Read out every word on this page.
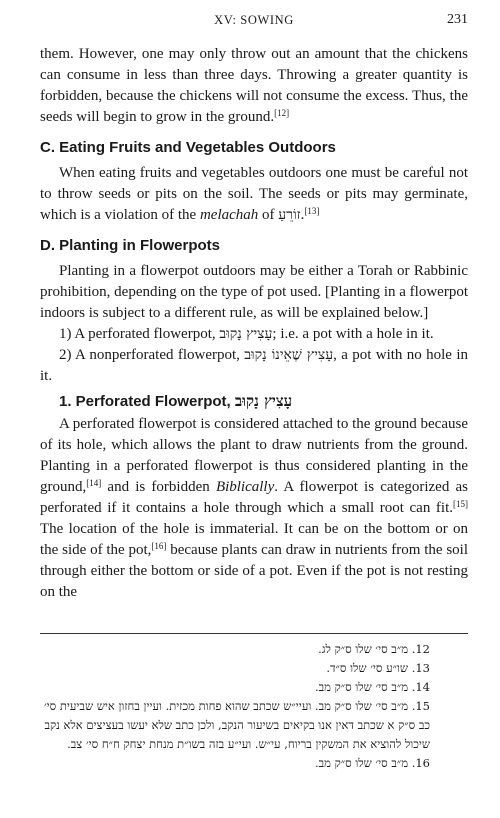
XV: SOWING	231

them. However, one may only throw out an amount that the chickens can consume in less than three days. Throwing a greater quantity is forbidden, because the chickens will not consume the excess. Thus, the seeds will begin to grow in the ground.[12]

C. Eating Fruits and Vegetables Outdoors

When eating fruits and vegetables outdoors one must be careful not to throw seeds or pits on the soil. The seeds or pits may germinate, which is a violation of the melachah of זוֹרֵעַ.[13]

D. Planting in Flowerpots

Planting in a flowerpot outdoors may be either a Torah or Rabbinic prohibition, depending on the type of pot used. [Planting in a flowerpot indoors is subject to a different rule, as will be explained below.]

1) A perforated flowerpot, עָצִיץ נָקוּב; i.e. a pot with a hole in it.

2) A nonperforated flowerpot, עָצִיץ שֶׁאֵינוֹ נָקוּב, a pot with no hole in it.

1. Perforated Flowerpot, עָצִיץ נָקוּב

A perforated flowerpot is considered attached to the ground because of its hole, which allows the plant to draw nutrients from the ground. Planting in a perforated flowerpot is thus considered planting in the ground,[14] and is forbidden Biblically. A flowerpot is categorized as perforated if it contains a hole through which a small root can fit.[15] The location of the hole is immaterial. It can be on the bottom or on the side of the pot,[16] because plants can draw in nutrients from the soil through either the bottom or side of a pot. Even if the pot is not resting on the

12. מ״ב סי׳ שלו ס״ק לג.
13. שו״ע סי׳ שלו ס״ד.
14. מ״ב סי׳ שלו ס״ק מב.
15. מ״ב סי׳ שלו ס״ק מב. ועיי״ש שכתב שהוא פחות מכזית. ועיין בחזון איש שביעית סי׳ כב ס״ק א שכתב דאין אנו בקיאים בשיעור הנקב, ולכן כתב שלא יעשו בעציצים אלא נקב שיכול להוציא את המשקין בריוח, עי״ש. ועי״ע בזה בשו״ת מנחת יצחק ח״ח סי׳ צב.
16. מ״ב סי׳ שלו ס״ק מב.
